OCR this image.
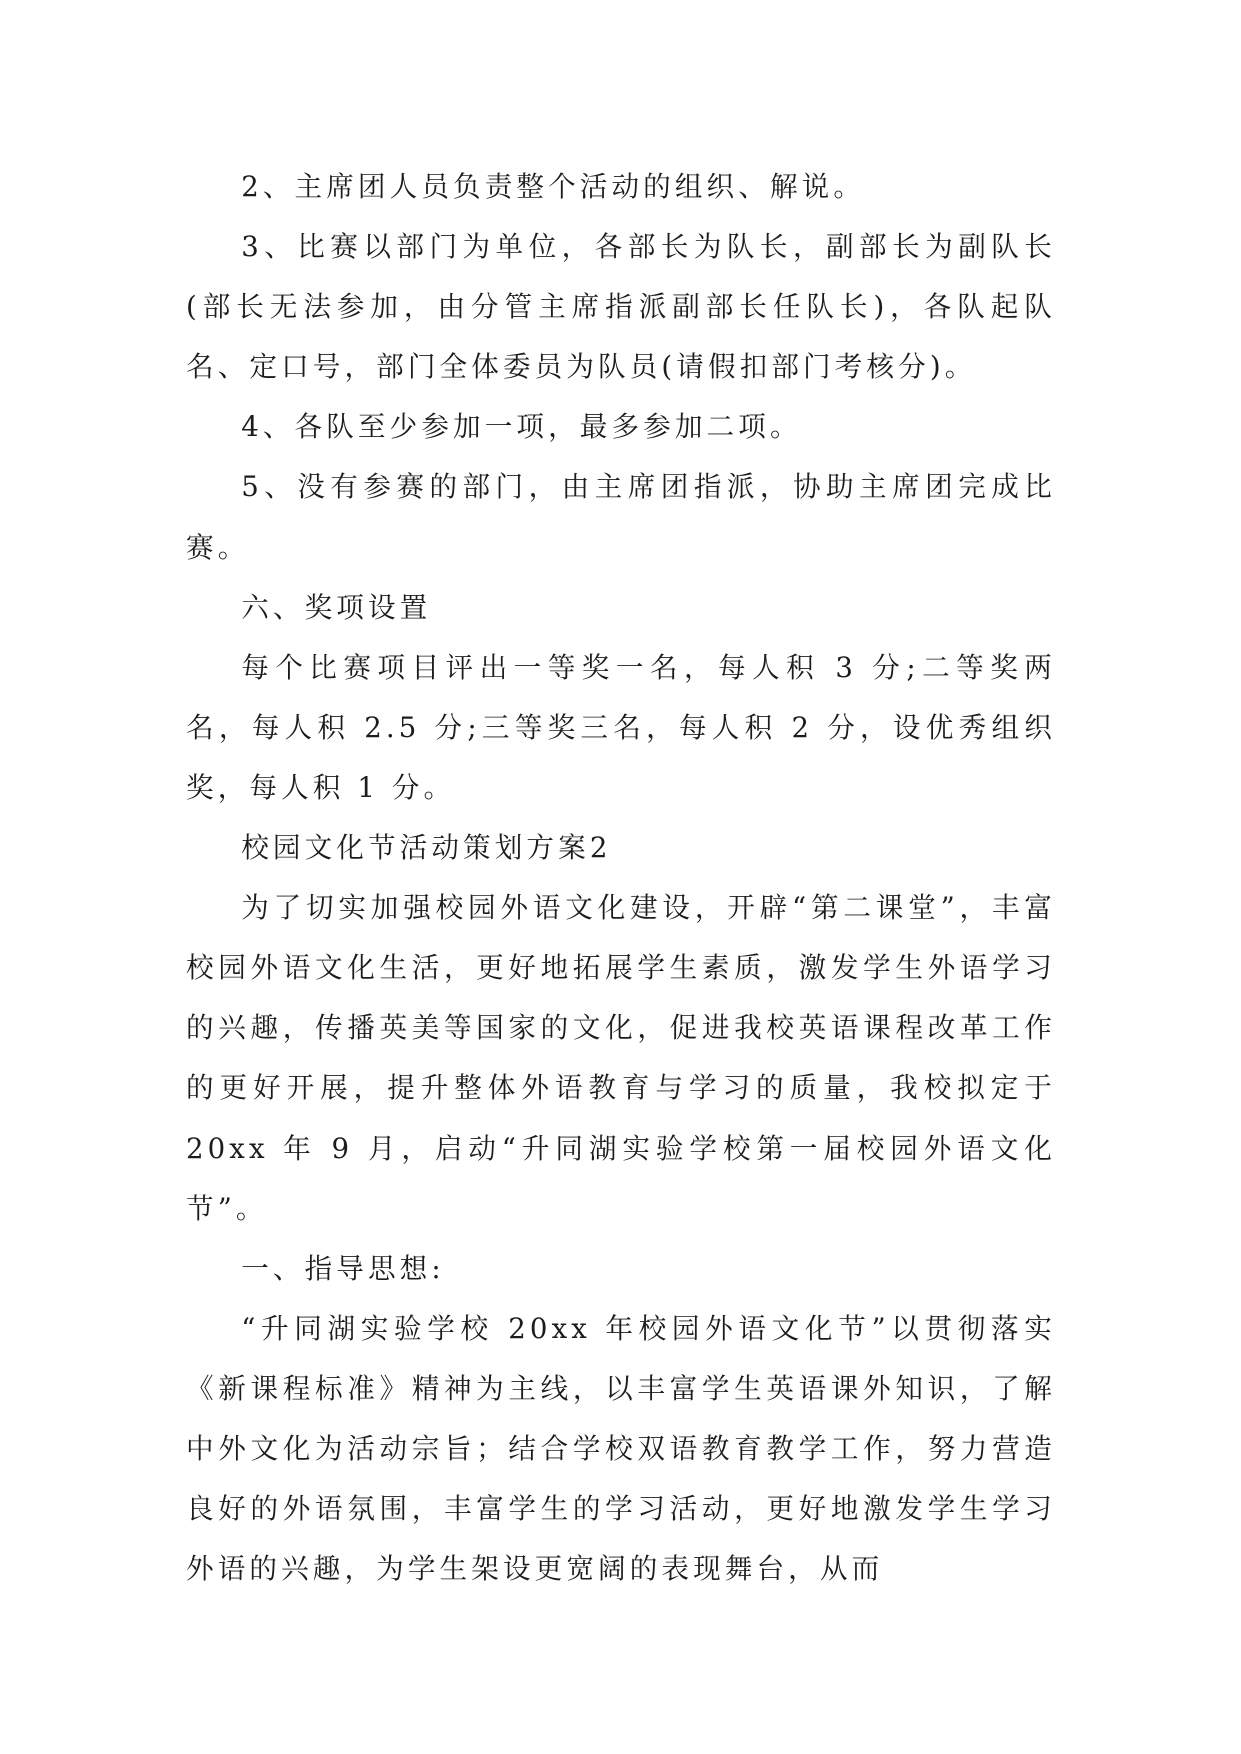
2、主席团人员负责整个活动的组织、解说。

3、比赛以部门为单位，各部长为队长，副部长为副队长(部长无法参加，由分管主席指派副部长任队长)，各队起队名、定口号，部门全体委员为队员(请假扣部门考核分)。

4、各队至少参加一项，最多参加二项。

5、没有参赛的部门，由主席团指派，协助主席团完成比赛。

六、奖项设置

每个比赛项目评出一等奖一名，每人积 3 分;二等奖两名，每人积 2.5 分;三等奖三名，每人积 2 分，设优秀组织奖，每人积 1 分。

校园文化节活动策划方案2

为了切实加强校园外语文化建设，开辟“第二课堂”，丰富校园外语文化生活，更好地拓展学生素质，激发学生外语学习的兴趣，传播英美等国家的文化，促进我校英语课程改革工作的更好开展，提升整体外语教育与学习的质量，我校拟定于 20xx 年 9 月，启动“升同湖实验学校第一届校园外语文化节”。

一、指导思想:

“升同湖实验学校 20xx 年校园外语文化节”以贯彻落实《新课程标准》精神为主线，以丰富学生英语课外知识，了解中外文化为活动宗旨；结合学校双语教育教学工作，努力营造良好的外语氛围，丰富学生的学习活动，更好地激发学生学习外语的兴趣，为学生架设更宽阔的表现舞台，从而
